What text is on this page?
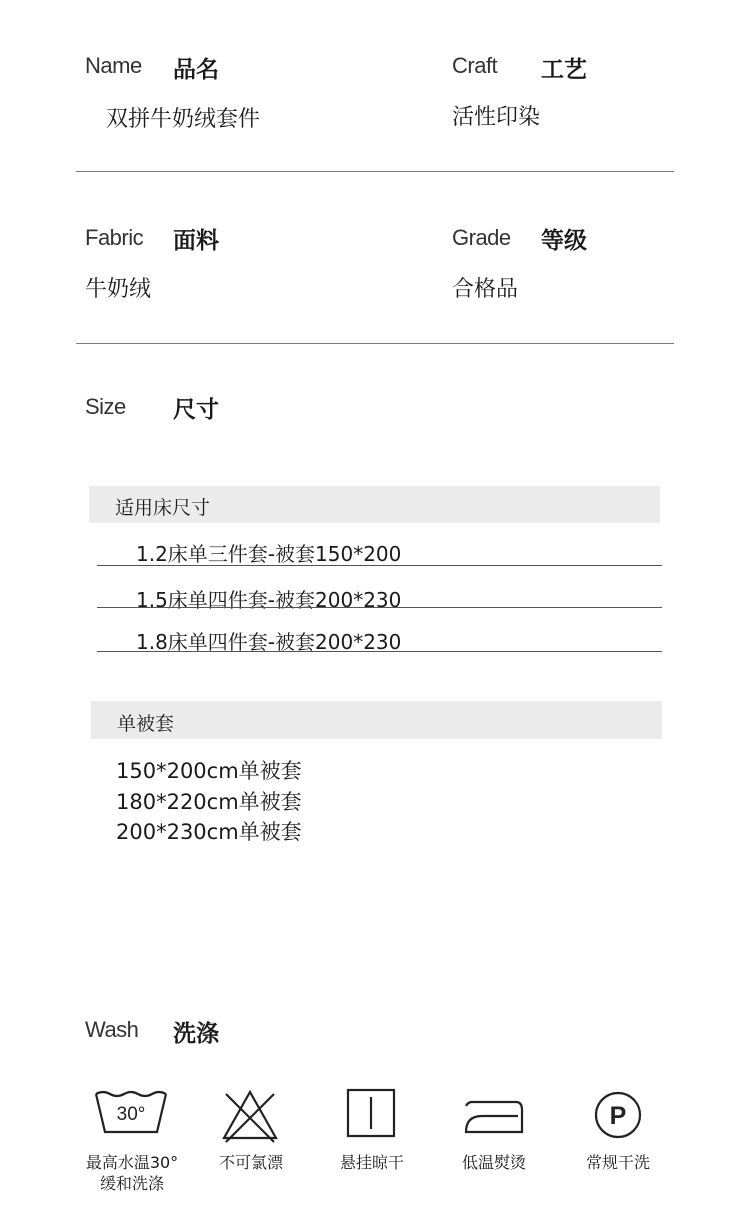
Name 品名
双拼牛奶绒套件
Craft 工艺
活性印染
Fabric 面料
牛奶绒
Grade 等级
合格品
Size 尺寸
适用床尺寸
1.2床单三件套-被套150*200
1.5床单四件套-被套200*230
1.8床单四件套-被套200*230
单被套
150*200cm单被套
180*220cm单被套
200*230cm单被套
Wash 洗涤
30°	P
最高水温30°
缓和洗涤
不可氯漂	悬挂晾干	低温熨烫	常规干洗
